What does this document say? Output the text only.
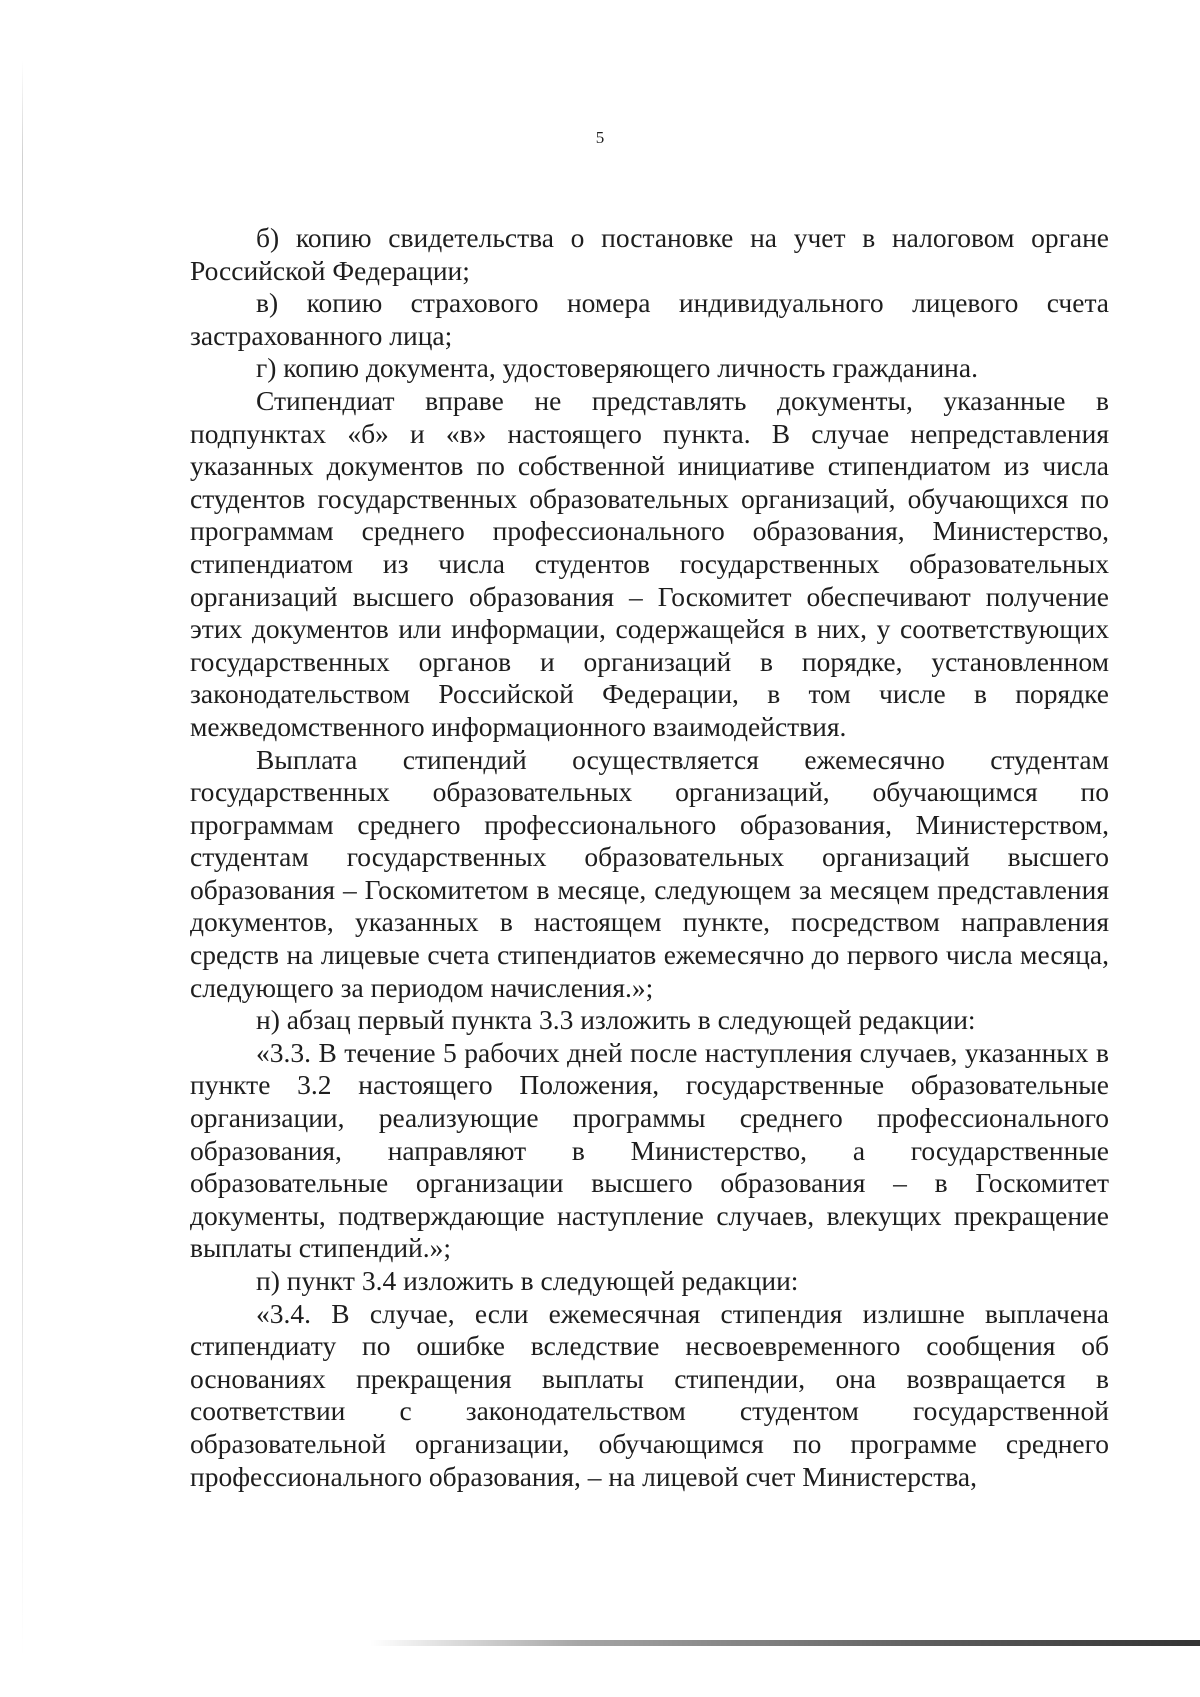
5

б) копию свидетельства о постановке на учет в налоговом органе Российской Федерации;

в) копию страхового номера индивидуального лицевого счета застрахованного лица;

г) копию документа, удостоверяющего личность гражданина.

Стипендиат вправе не представлять документы, указанные в подпунктах «б» и «в» настоящего пункта. В случае непредставления указанных документов по собственной инициативе стипендиатом из числа студентов государственных образовательных организаций, обучающихся по программам среднего профессионального образования, Министерство, стипендиатом из числа студентов государственных образовательных организаций высшего образования – Госкомитет обеспечивают получение этих документов или информации, содержащейся в них, у соответствующих государственных органов и организаций в порядке, установленном законодательством Российской Федерации, в том числе в порядке межведомственного информационного взаимодействия.

Выплата стипендий осуществляется ежемесячно студентам государственных образовательных организаций, обучающимся по программам среднего профессионального образования, Министерством, студентам государственных образовательных организаций высшего образования – Госкомитетом в месяце, следующем за месяцем представления документов, указанных в настоящем пункте, посредством направления средств на лицевые счета стипендиатов ежемесячно до первого числа месяца, следующего за периодом начисления.»;

н) абзац первый пункта 3.3 изложить в следующей редакции:

«3.3. В течение 5 рабочих дней после наступления случаев, указанных в пункте 3.2 настоящего Положения, государственные образовательные организации, реализующие программы среднего профессионального образования, направляют в Министерство, а государственные образовательные организации высшего образования – в Госкомитет документы, подтверждающие наступление случаев, влекущих прекращение выплаты стипендий.»;

п) пункт 3.4 изложить в следующей редакции:

«3.4. В случае, если ежемесячная стипендия излишне выплачена стипендиату по ошибке вследствие несвоевременного сообщения об основаниях прекращения выплаты стипендии, она возвращается в соответствии с законодательством студентом государственной образовательной организации, обучающимся по программе среднего профессионального образования, – на лицевой счет Министерства,
